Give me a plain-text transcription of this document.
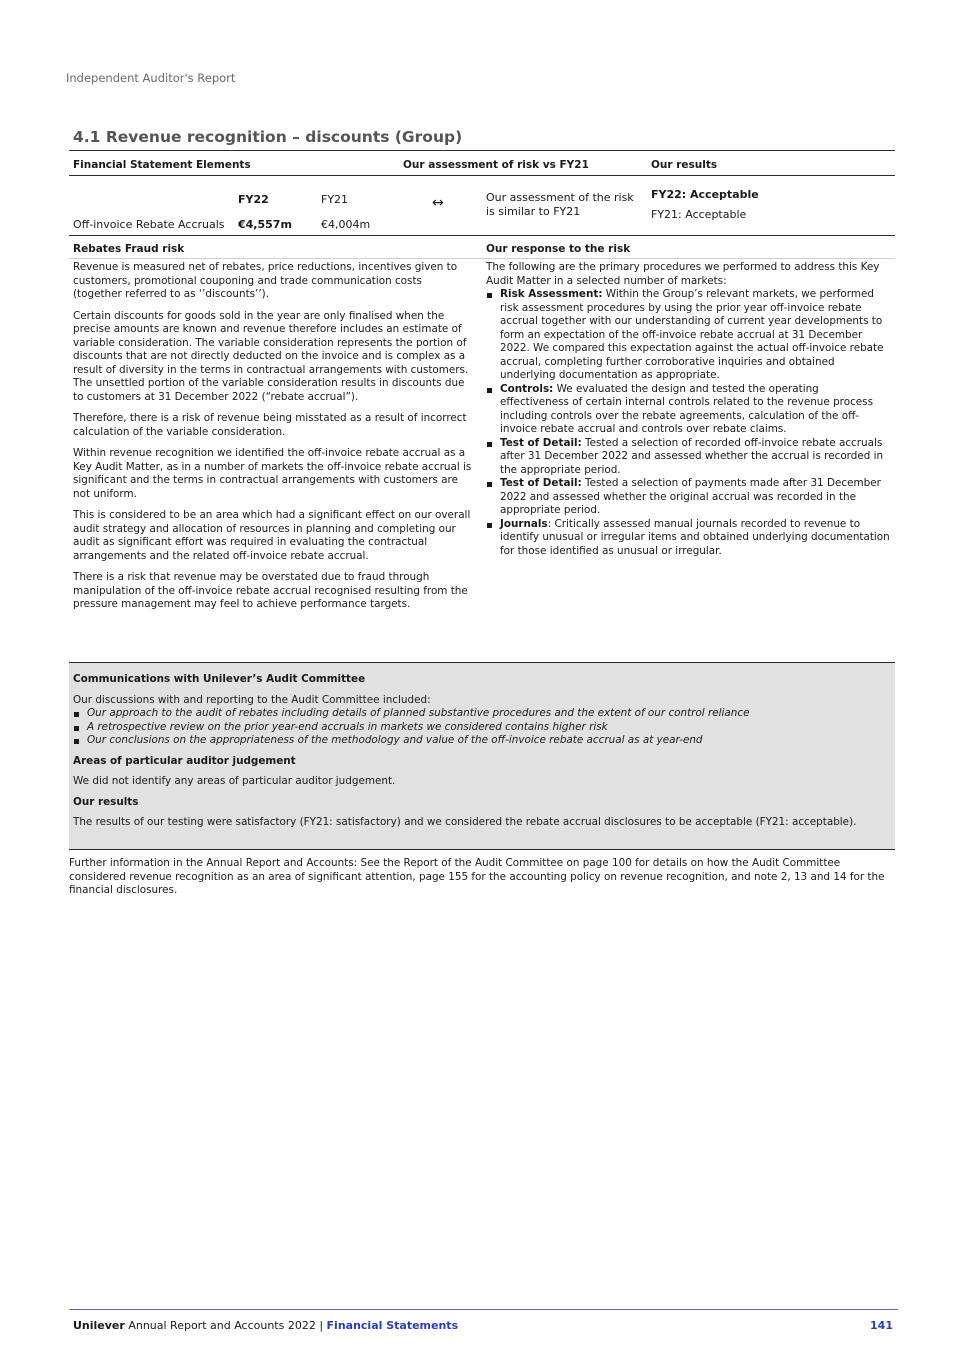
Independent Auditor's Report
4.1 Revenue recognition – discounts (Group)
Financial Statement Elements	Our assessment of risk vs FY21	Our results
FY22	FY21
Off-invoice Rebate Accruals €4,557m	€4,004m
↔	Our assessment of the risk is similar to FY21
FY22: Acceptable
FY21: Acceptable
Rebates Fraud risk	Our response to the risk

Revenue is measured net of rebates, price reductions, incentives given to customers, promotional couponing and trade communication costs (together referred to as ‘’discounts’’).

Certain discounts for goods sold in the year are only finalised when the precise amounts are known and revenue therefore includes an estimate of variable consideration. The variable consideration represents the portion of discounts that are not directly deducted on the invoice and is complex as a result of diversity in the terms in contractual arrangements with customers. The unsettled portion of the variable consideration results in discounts due to customers at 31 December 2022 (“rebate accrual”).

Therefore, there is a risk of revenue being misstated as a result of incorrect calculation of the variable consideration.

Within revenue recognition we identified the off-invoice rebate accrual as a Key Audit Matter, as in a number of markets the off-invoice rebate accrual is significant and the terms in contractual arrangements with customers are not uniform.

This is considered to be an area which had a significant effect on our overall audit strategy and allocation of resources in planning and completing our audit as significant effort was required in evaluating the contractual arrangements and the related off-invoice rebate accrual.

There is a risk that revenue may be overstated due to fraud through manipulation of the off-invoice rebate accrual recognised resulting from the pressure management may feel to achieve performance targets.

The following are the primary procedures we performed to address this Key Audit Matter in a selected number of markets:
Risk Assessment: Within the Group’s relevant markets, we performed risk assessment procedures by using the prior year off-invoice rebate accrual together with our understanding of current year developments to form an expectation of the off-invoice rebate accrual at 31 December 2022. We compared this expectation against the actual off-invoice rebate accrual, completing further corroborative inquiries and obtained underlying documentation as appropriate.
Controls: We evaluated the design and tested the operating effectiveness of certain internal controls related to the revenue process including controls over the rebate agreements, calculation of the off-invoice rebate accrual and controls over rebate claims.
Test of Detail: Tested a selection of recorded off-invoice rebate accruals after 31 December 2022 and assessed whether the accrual is recorded in the appropriate period.
Test of Detail: Tested a selection of payments made after 31 December 2022 and assessed whether the original accrual was recorded in the appropriate period.
Journals: Critically assessed manual journals recorded to revenue to identify unusual or irregular items and obtained underlying documentation for those identified as unusual or irregular.
Communications with Unilever’s Audit Committee
Our discussions with and reporting to the Audit Committee included:
Our approach to the audit of rebates including details of planned substantive procedures and the extent of our control reliance
A retrospective review on the prior year-end accruals in markets we considered contains higher risk
Our conclusions on the appropriateness of the methodology and value of the off-invoice rebate accrual as at year-end
Areas of particular auditor judgement

We did not identify any areas of particular auditor judgement.

Our results

The results of our testing were satisfactory (FY21: satisfactory) and we considered the rebate accrual disclosures to be acceptable (FY21: acceptable).

Further information in the Annual Report and Accounts: See the Report of the Audit Committee on page 100 for details on how the Audit Committee considered revenue recognition as an area of significant attention, page 155 for the accounting policy on revenue recognition, and note 2, 13 and 14 for the financial disclosures.
Unilever Annual Report and Accounts 2022 | Financial Statements	141
